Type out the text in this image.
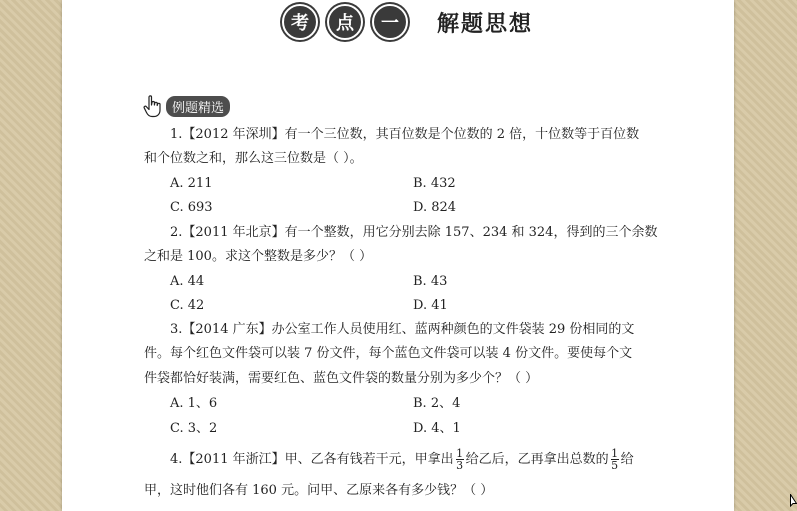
考	点	一	解题思想
例题精选
1.【2012 年深圳】有一个三位数，其百位数是个位数的 2 倍，十位数等于百位数
和个位数之和，那么这三位数是（ ）。
A. 211	B. 432
C. 693	D. 824
2.【2011 年北京】有一个整数，用它分别去除 157、234 和 324，得到的三个余数
之和是 100。求这个整数是多少？（ ）
A. 44	B. 43
C. 42	D. 41
3.【2014 广东】办公室工作人员使用红、蓝两种颜色的文件袋装 29 份相同的文
件。每个红色文件袋可以装 7 份文件，每个蓝色文件袋可以装 4 份文件。要使每个文
件袋都恰好装满，需要红色、蓝色文件袋的数量分别为多少个？（ ）
A. 1、6	B. 2、4
C. 3、2	D. 4、1
4.【2011 年浙江】甲、乙各有钱若干元，甲拿出 $\frac{1}{3}$ 给乙后，乙再拿出总数的 $\frac{1}{5}$ 给
甲，这时他们各有 160 元。问甲、乙原来各有多少钱？（ ）
